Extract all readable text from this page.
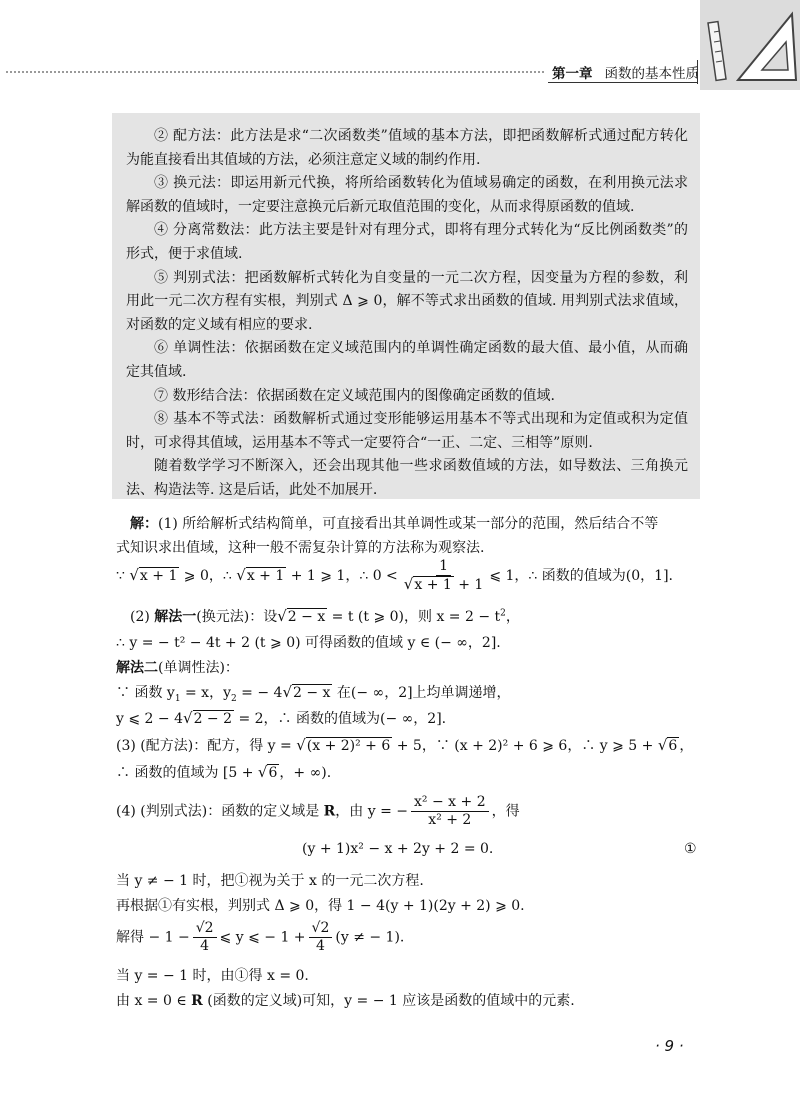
第一章 函数的基本性质

② 配方法：此方法是求“二次函数类”值域的基本方法，即把函数解析式通过配方转化为能直接看出其值域的方法，必须注意定义域的制约作用.

③ 换元法：即运用新元代换，将所给函数转化为值域易确定的函数，在利用换元法求解函数的值域时，一定要注意换元后新元取值范围的变化，从而求得原函数的值域.

④ 分离常数法：此方法主要是针对有理分式，即将有理分式转化为“反比例函数类”的形式，便于求值域.

⑤ 判别式法：把函数解析式转化为自变量的一元二次方程，因变量为方程的参数，利用此一元二次方程有实根，判别式 Δ ⩾ 0，解不等式求出函数的值域. 用判别式法求值域，对函数的定义域有相应的要求.

⑥ 单调性法：依据函数在定义域范围内的单调性确定函数的最大值、最小值，从而确定其值域.

⑦ 数形结合法：依据函数在定义域范围内的图像确定函数的值域.

⑧ 基本不等式法：函数解析式通过变形能够运用基本不等式出现和为定值或积为定值时，可求得其值域，运用基本不等式一定要符合“一正、二定、三相等”原则.

随着数学学习不断深入，还会出现其他一些求函数值域的方法，如导数法、三角换元法、构造法等. 这是后话，此处不加展开.

解：(1) 所给解析式结构简单，可直接看出其单调性或某一部分的范围，然后结合不等
式知识求出值域，这种一般不需复杂计算的方法称为观察法.
∵ √x + 1 ⩾ 0，∴ √x + 1 + 1 ⩾ 1，∴ $0 < \frac{1}{√x + 1 + 1}$ ⩽ 1，∴ 函数的值域为(0，1].
(2) 解法一(换元法)：设√2 − x = t (t ⩾ 0)，则 $x = 2 - t^2$，
∴ y = − t² − 4t + 2 (t ⩾ 0) 可得函数的值域 y ∈ (− ∞，2].
解法二(单调性法)：
∵ 函数 $y_1 = x$，$y_2$ = − 4√2 − x 在(− ∞，2]上均单调递增，
y ⩽ 2 − 4√2 − 2 = 2，∴ 函数的值域为(− ∞，2].
(3) (配方法)：配方，得 y = √(x + 2)² + 6 + 5，∵ (x + 2)² + 6 ⩾ 6，∴ y ⩾ 5 + √6 ，
∴ 函数的值域为 [5 + √6 ，+ ∞).
(4) (判别式法)：函数的定义域是 R，由 y = − $\frac{\text{x² − x + 2}}{\text{x² + 2}}$ ，得
(y + 1)x² − x + 2y + 2 = 0.	①
当 y ≠ − 1 时，把①视为关于 x 的一元二次方程.
再根据①有实根，判别式 Δ ⩾ 0，得 1 − 4(y + 1)(2y + 2) ⩾ 0.
解得 − $1 - \frac{√2}{4}$ ⩽ y ⩽ − $1 + \frac{√2}{4} (y$ ≠ − 1).
当 y = − 1 时，由①得 x = 0.
由 x = 0 ∈ R (函数的定义域)可知，y = − 1 应该是函数的值域中的元素.
· 9 ·
